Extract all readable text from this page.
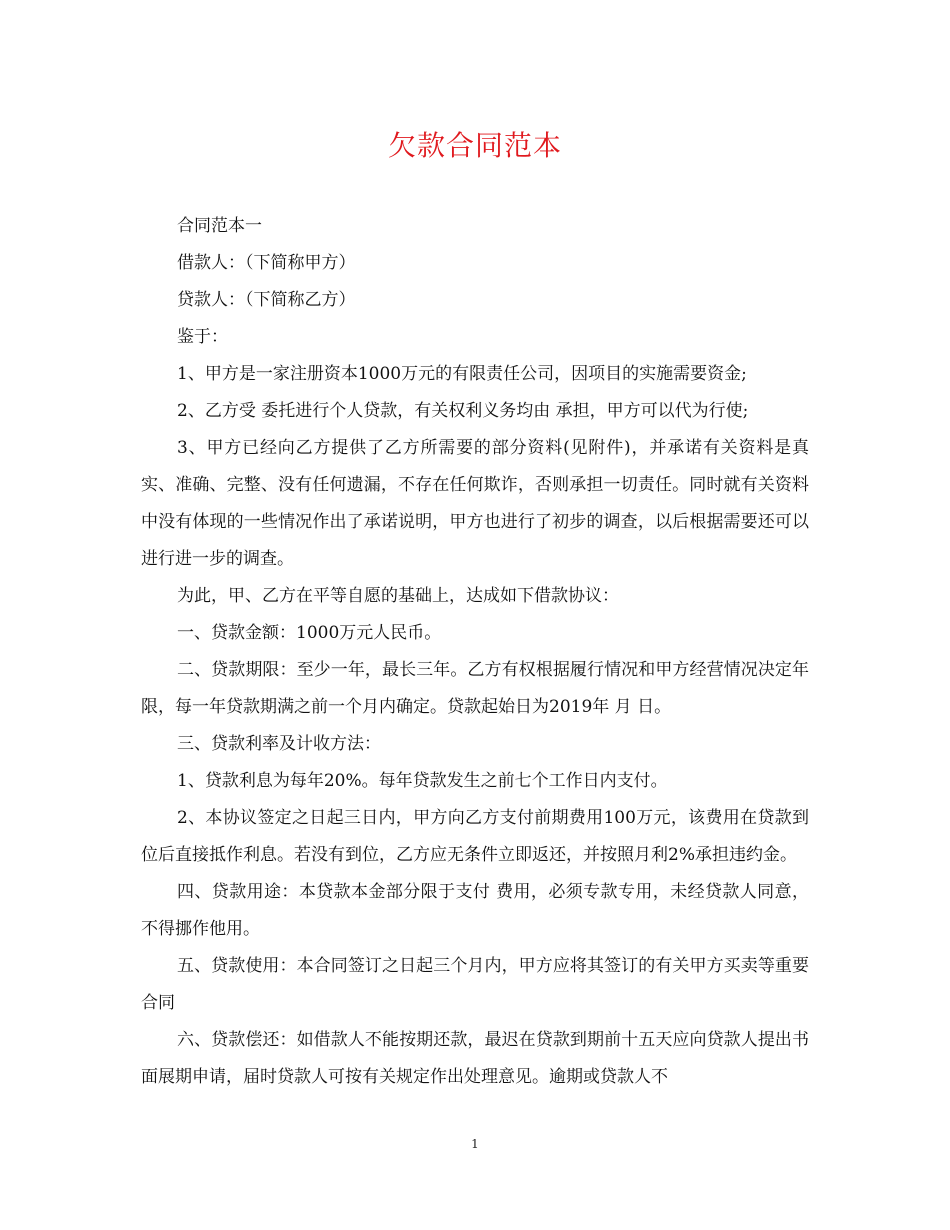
欠款合同范本

合同范本一

借款人：（下简称甲方）

贷款人：（下简称乙方）

鉴于：

1、甲方是一家注册资本1000万元的有限责任公司，因项目的实施需要资金;

2、乙方受 委托进行个人贷款，有关权利义务均由 承担，甲方可以代为行使;

3、甲方已经向乙方提供了乙方所需要的部分资料(见附件)，并承诺有关资料是真实、准确、完整、没有任何遗漏，不存在任何欺诈，否则承担一切责任。同时就有关资料中没有体现的一些情况作出了承诺说明，甲方也进行了初步的调查，以后根据需要还可以进行进一步的调查。

为此，甲、乙方在平等自愿的基础上，达成如下借款协议：

一、贷款金额：1000万元人民币。

二、贷款期限：至少一年，最长三年。乙方有权根据履行情况和甲方经营情况决定年限，每一年贷款期满之前一个月内确定。贷款起始日为2019年 月 日。

三、贷款利率及计收方法：

1、贷款利息为每年20%。每年贷款发生之前七个工作日内支付。

2、本协议签定之日起三日内，甲方向乙方支付前期费用100万元，该费用在贷款到位后直接抵作利息。若没有到位，乙方应无条件立即返还，并按照月利2%承担违约金。

四、贷款用途：本贷款本金部分限于支付 费用，必须专款专用，未经贷款人同意，不得挪作他用。

五、贷款使用：本合同签订之日起三个月内，甲方应将其签订的有关甲方买卖等重要合同

六、贷款偿还：如借款人不能按期还款，最迟在贷款到期前十五天应向贷款人提出书面展期申请，届时贷款人可按有关规定作出处理意见。逾期或贷款人不

1
